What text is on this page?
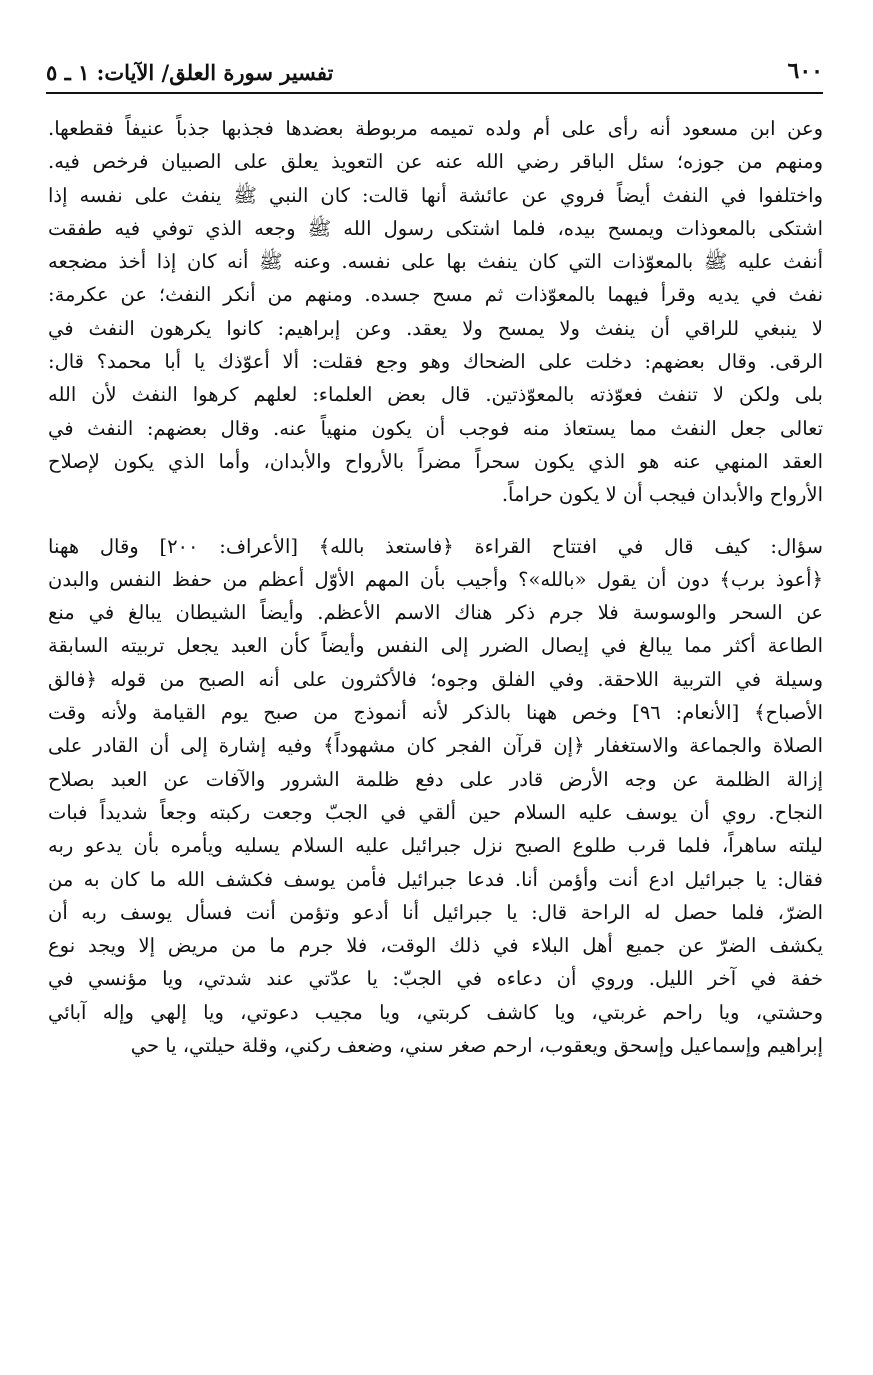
٦٠٠
تفسير سورة العلق/ الآيات: ١ ـ ٥

وعن ابن مسعود أنه رأى على أم ولده تميمه مربوطة بعضدها فجذبها جذباً عنيفاً فقطعها.
ومنهم من جوزه؛ سئل الباقر رضي الله عنه عن التعويذ يعلق على الصبيان فرخص فيه.
واختلفوا في النفث أيضاً فروي عن عائشة أنها قالت: كان النبي ﷺ ينفث على نفسه إذا
اشتكى بالمعوذات ويمسح بيده، فلما اشتكى رسول الله ﷺ وجعه الذي توفي فيه طفقت
أنفث عليه ﷺ بالمعوّذات التي كان ينفث بها على نفسه. وعنه ﷺ أنه كان إذا أخذ مضجعه
نفث في يديه وقرأ فيهما بالمعوّذات ثم مسح جسده. ومنهم من أنكر النفث؛ عن عكرمة:
لا ينبغي للراقي أن ينفث ولا يمسح ولا يعقد. وعن إبراهيم: كانوا يكرهون النفث في
الرقى. وقال بعضهم: دخلت على الضحاك وهو وجع فقلت: ألا أعوّذك يا أبا محمد؟ قال:
بلى ولكن لا تنفث فعوّذته بالمعوّذتين. قال بعض العلماء: لعلهم كرهوا النفث لأن الله
تعالى جعل النفث مما يستعاذ منه فوجب أن يكون منهياً عنه. وقال بعضهم: النفث في
العقد المنهي عنه هو الذي يكون سحراً مضراً بالأرواح والأبدان، وأما الذي يكون لإصلاح
الأرواح والأبدان فيجب أن لا يكون حراماً.

سؤال: كيف قال في افتتاح القراءة ﴿فاستعذ بالله﴾ [الأعراف: ٢٠٠] وقال ههنا
﴿أعوذ برب﴾ دون أن يقول «بالله»؟ وأجيب بأن المهم الأوّل أعظم من حفظ النفس والبدن
عن السحر والوسوسة فلا جرم ذكر هناك الاسم الأعظم. وأيضاً الشيطان يبالغ في منع
الطاعة أكثر مما يبالغ في إيصال الضرر إلى النفس وأيضاً كأن العبد يجعل تربيته السابقة
وسيلة في التربية اللاحقة. وفي الفلق وجوه؛ فالأكثرون على أنه الصبح من قوله ﴿فالق
الأصباح﴾ [الأنعام: ٩٦] وخص ههنا بالذكر لأنه أنموذج من صبح يوم القيامة ولأنه وقت
الصلاة والجماعة والاستغفار ﴿إن قرآن الفجر كان مشهوداً﴾ وفيه إشارة إلى أن القادر على
إزالة الظلمة عن وجه الأرض قادر على دفع ظلمة الشرور والآفات عن العبد بصلاح
النجاح. روي أن يوسف عليه السلام حين ألقي في الجبّ وجعت ركبته وجعاً شديداً فبات
ليلته ساهراً، فلما قرب طلوع الصبح نزل جبرائيل عليه السلام يسليه ويأمره بأن يدعو ربه
فقال: يا جبرائيل ادع أنت وأؤمن أنا. فدعا جبرائيل فأمن يوسف فكشف الله ما كان به من
الضرّ، فلما حصل له الراحة قال: يا جبرائيل أنا أدعو وتؤمن أنت فسأل يوسف ربه أن
يكشف الضرّ عن جميع أهل البلاء في ذلك الوقت، فلا جرم ما من مريض إلا ويجد نوع
خفة في آخر الليل. وروي أن دعاءه في الجبّ: يا عدّتي عند شدتي، ويا مؤنسي في
وحشتي، ويا راحم غربتي، ويا كاشف كربتي، ويا مجيب دعوتي، ويا إلهي وإله آبائي
إبراهيم وإسماعيل وإسحق ويعقوب، ارحم صغر سني، وضعف ركني، وقلة حيلتي، يا حي
